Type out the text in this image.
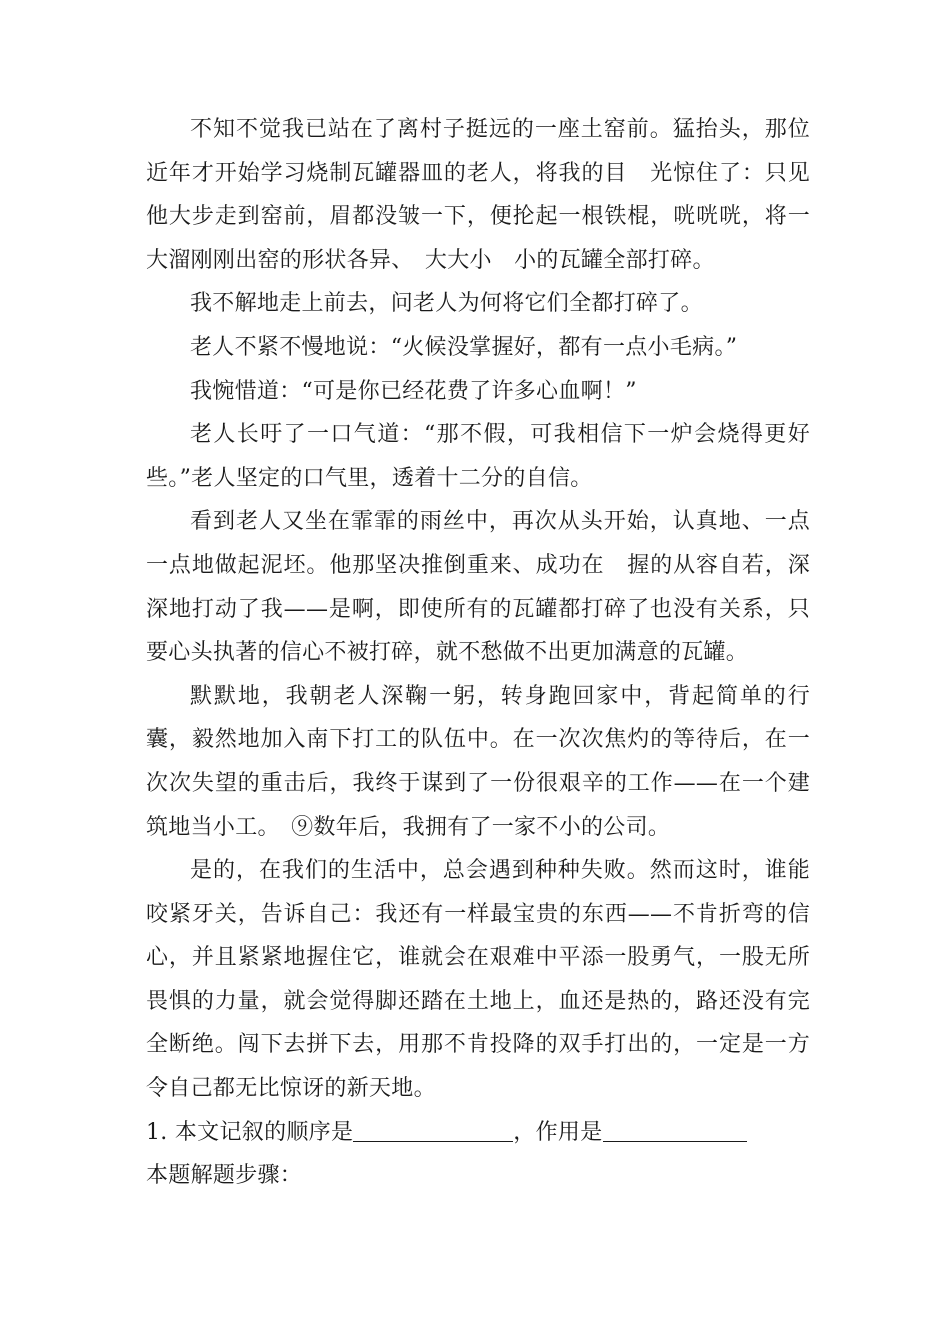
不知不觉我已站在了离村子挺远的一座土窑前。猛抬头，那位近年才开始学习烧制瓦罐器皿的老人，将我的目　光惊住了：只见他大步走到窑前，眉都没皱一下，便抡起一根铁棍，咣咣咣，将一大溜刚刚出窑的形状各异、　大大小　小的瓦罐全部打碎。

我不解地走上前去，问老人为何将它们全都打碎了。

老人不紧不慢地说：“火候没掌握好，都有一点小毛病。”

我惋惜道：“可是你已经花费了许多心血啊！”

老人长吁了一口气道：“那不假，可我相信下一炉会烧得更好些。”老人坚定的口气里，透着十二分的自信。

看到老人又坐在霏霏的雨丝中，再次从头开始，认真地、一点一点地做起泥坯。他那坚决推倒重来、成功在　握的从容自若，深深地打动了我——是啊，即使所有的瓦罐都打碎了也没有关系，只要心头执著的信心不被打碎，就不愁做不出更加满意的瓦罐。

默默地，我朝老人深鞠一躬，转身跑回家中，背起简单的行囊，毅然地加入南下打工的队伍中。在一次次焦灼的等待后，在一次次失望的重击后，我终于谋到了一份很艰辛的工作——在一个建筑地当小工。　⑨数年后，我拥有了一家不小的公司。

是的，在我们的生活中，总会遇到种种失败。然而这时，谁能咬紧牙关，告诉自己：我还有一样最宝贵的东西——不肯折弯的信心，并且紧紧地握住它，谁就会在艰难中平添一股勇气，一股无所畏惧的力量，就会觉得脚还踏在土地上，血还是热的，路还没有完全断绝。闯下去拼下去，用那不肯投降的双手打出的，一定是一方令自己都无比惊讶的新天地。

1. 本文记叙的顺序是	，作用是

本题解题步骤：
